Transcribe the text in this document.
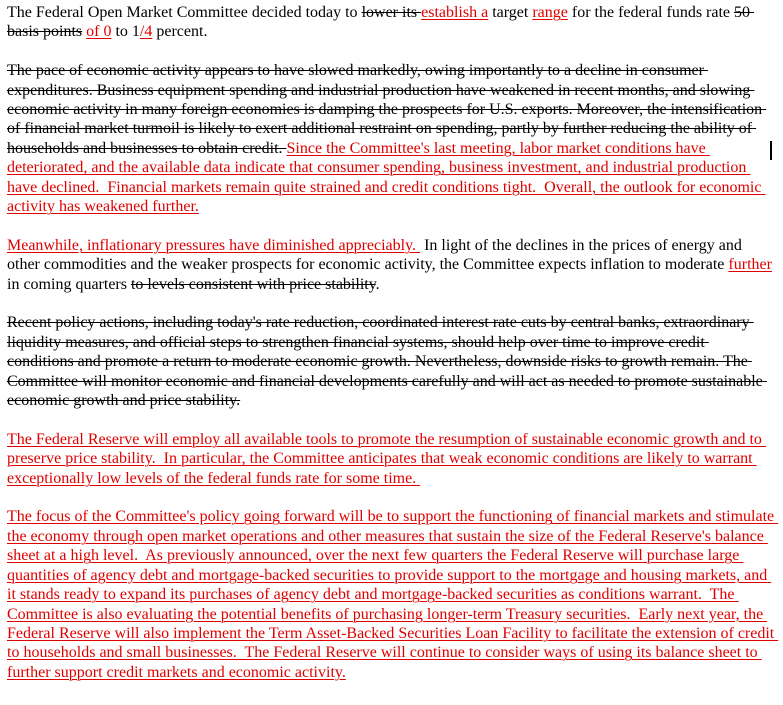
The Federal Open Market Committee decided today to lower its establish a target range for the federal funds rate 50 basis points of 0 to 1/4 percent.

The pace of economic activity appears to have slowed markedly, owing importantly to a decline in consumer expenditures. Business equipment spending and industrial production have weakened in recent months, and slowing economic activity in many foreign economies is damping the prospects for U.S. exports. Moreover, the intensification of financial market turmoil is likely to exert additional restraint on spending, partly by further reducing the ability of households and businesses to obtain credit. Since the Committee's last meeting, labor market conditions have deteriorated, and the available data indicate that consumer spending, business investment, and industrial production have declined.  Financial markets remain quite strained and credit conditions tight.  Overall, the outlook for economic activity has weakened further.

Meanwhile, inflationary pressures have diminished appreciably.  In light of the declines in the prices of energy and other commodities and the weaker prospects for economic activity, the Committee expects inflation to moderate further in coming quarters to levels consistent with price stability.

Recent policy actions, including today's rate reduction, coordinated interest rate cuts by central banks, extraordinary liquidity measures, and official steps to strengthen financial systems, should help over time to improve credit conditions and promote a return to moderate economic growth. Nevertheless, downside risks to growth remain. The Committee will monitor economic and financial developments carefully and will act as needed to promote sustainable economic growth and price stability.

The Federal Reserve will employ all available tools to promote the resumption of sustainable economic growth and to preserve price stability.  In particular, the Committee anticipates that weak economic conditions are likely to warrant exceptionally low levels of the federal funds rate for some time.

The focus of the Committee's policy going forward will be to support the functioning of financial markets and stimulate the economy through open market operations and other measures that sustain the size of the Federal Reserve's balance sheet at a high level.  As previously announced, over the next few quarters the Federal Reserve will purchase large quantities of agency debt and mortgage-backed securities to provide support to the mortgage and housing markets, and it stands ready to expand its purchases of agency debt and mortgage-backed securities as conditions warrant.  The Committee is also evaluating the potential benefits of purchasing longer-term Treasury securities.  Early next year, the Federal Reserve will also implement the Term Asset-Backed Securities Loan Facility to facilitate the extension of credit to households and small businesses.  The Federal Reserve will continue to consider ways of using its balance sheet to further support credit markets and economic activity.
